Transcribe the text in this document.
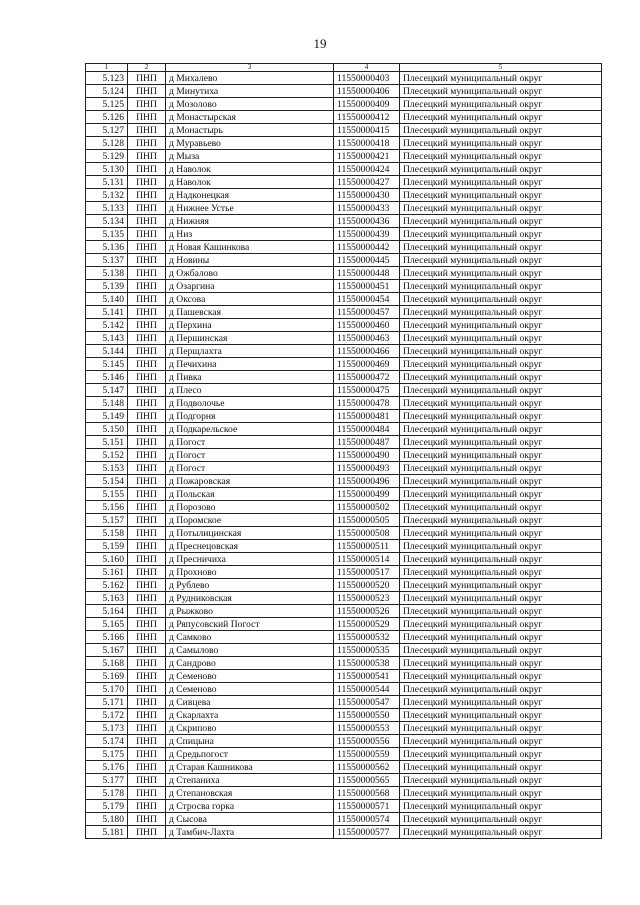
19
1	2	3	4	5
5.123	ПНП	д Михалево	11550000403	Плесецкий муниципальный округ
5.124	ПНП	д Минутиха	11550000406	Плесецкий муниципальный округ
5.125	ПНП	д Мозолово	11550000409	Плесецкий муниципальный округ
5.126	ПНП	д Монастырская	11550000412	Плесецкий муниципальный округ
5.127	ПНП	д Монастырь	11550000415	Плесецкий муниципальный округ
5.128	ПНП	д Муравьево	11550000418	Плесецкий муниципальный округ
5.129	ПНП	д Мыза	11550000421	Плесецкий муниципальный округ
5.130	ПНП	д Наволок	11550000424	Плесецкий муниципальный округ
5.131	ПНП	д Наволок	11550000427	Плесецкий муниципальный округ
5.132	ПНП	д Надконецкая	11550000430	Плесецкий муниципальный округ
5.133	ПНП	д Нижнее Устье	11550000433	Плесецкий муниципальный округ
5.134	ПНП	д Нижняя	11550000436	Плесецкий муниципальный округ
5.135	ПНП	д Низ	11550000439	Плесецкий муниципальный округ
5.136	ПНП	д Новая Кашинкова	11550000442	Плесецкий муниципальный округ
5.137	ПНП	д Новины	11550000445	Плесецкий муниципальный округ
5.138	ПНП	д Ожбалово	11550000448	Плесецкий муниципальный округ
5.139	ПНП	д Озаргина	11550000451	Плесецкий муниципальный округ
5.140	ПНП	д Оксова	11550000454	Плесецкий муниципальный округ
5.141	ПНП	д Пашевская	11550000457	Плесецкий муниципальный округ
5.142	ПНП	д Перхина	11550000460	Плесецкий муниципальный округ
5.143	ПНП	д Першинская	11550000463	Плесецкий муниципальный округ
5.144	ПНП	д Перщлахта	11550000466	Плесецкий муниципальный округ
5.145	ПНП	д Печихина	11550000469	Плесецкий муниципальный округ
5.146	ПНП	д Пивка	11550000472	Плесецкий муниципальный округ
5.147	ПНП	д Плесо	11550000475	Плесецкий муниципальный округ
5.148	ПНП	д Подволочье	11550000478	Плесецкий муниципальный округ
5.149	ПНП	д Подгорня	11550000481	Плесецкий муниципальный округ
5.150	ПНП	д Подкарельское	11550000484	Плесецкий муниципальный округ
5.151	ПНП	д Погост	11550000487	Плесецкий муниципальный округ
5.152	ПНП	д Погост	11550000490	Плесецкий муниципальный округ
5.153	ПНП	д Погост	11550000493	Плесецкий муниципальный округ
5.154	ПНП	д Пожаровская	11550000496	Плесецкий муниципальный округ
5.155	ПНП	д Польская	11550000499	Плесецкий муниципальный округ
5.156	ПНП	д Порозово	11550000502	Плесецкий муниципальный округ
5.157	ПНП	д Поромское	11550000505	Плесецкий муниципальный округ
5.158	ПНП	д Потылицинская	11550000508	Плесецкий муниципальный округ
5.159	ПНП	д Преснецовская	11550000511	Плесецкий муниципальный округ
5.160	ПНП	д Пресничиха	11550000514	Плесецкий муниципальный округ
5.161	ПНП	д Прохново	11550000517	Плесецкий муниципальный округ
5.162	ПНП	д Рублево	11550000520	Плесецкий муниципальный округ
5.163	ПНП	д Рудниковская	11550000523	Плесецкий муниципальный округ
5.164	ПНП	д Рыжково	11550000526	Плесецкий муниципальный округ
5.165	ПНП	д Ряпусовский Погост	11550000529	Плесецкий муниципальный округ
5.166	ПНП	д Самково	11550000532	Плесецкий муниципальный округ
5.167	ПНП	д Самылово	11550000535	Плесецкий муниципальный округ
5.168	ПНП	д Сандрово	11550000538	Плесецкий муниципальный округ
5.169	ПНП	д Семеново	11550000541	Плесецкий муниципальный округ
5.170	ПНП	д Семеново	11550000544	Плесецкий муниципальный округ
5.171	ПНП	д Сивцева	11550000547	Плесецкий муниципальный округ
5.172	ПНП	д Скарлахта	11550000550	Плесецкий муниципальный округ
5.173	ПНП	д Скрипово	11550000553	Плесецкий муниципальный округ
5.174	ПНП	д Спицына	11550000556	Плесецкий муниципальный округ
5.175	ПНП	д Средьпогост	11550000559	Плесецкий муниципальный округ
5.176	ПНП	д Старая Кашникова	11550000562	Плесецкий муниципальный округ
5.177	ПНП	д Степаниха	11550000565	Плесецкий муниципальный округ
5.178	ПНП	д Степановская	11550000568	Плесецкий муниципальный округ
5.179	ПНП	д Стросва горка	11550000571	Плесецкий муниципальный округ
5.180	ПНП	д Сысова	11550000574	Плесецкий муниципальный округ
5.181	ПНП	д Тамбич-Лахта	11550000577	Плесецкий муниципальный округ
